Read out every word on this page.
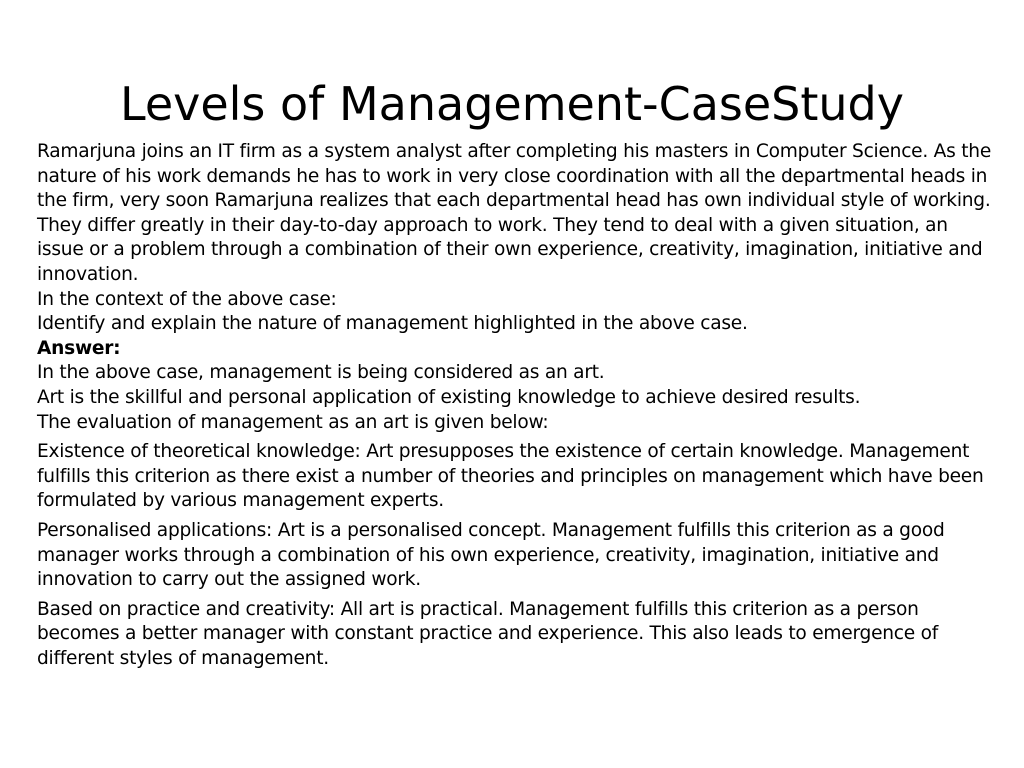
Levels of Management-CaseStudy

Ramarjuna joins an IT firm as a system analyst after completing his masters in Computer Science. As the nature of his work demands he has to work in very close coordination with all the departmental heads in the firm, very soon Ramarjuna realizes that each departmental head has own individual style of working. They differ greatly in their day-to-day approach to work. They tend to deal with a given situation, an issue or a problem through a combination of their own experience, creativity, imagination, initiative and innovation.

In the context of the above case:

Identify and explain the nature of management highlighted in the above case.

Answer:

In the above case, management is being considered as an art.

Art is the skillful and personal application of existing knowledge to achieve desired results.

The evaluation of management as an art is given below:

Existence of theoretical knowledge: Art presupposes the existence of certain knowledge. Management fulfills this criterion as there exist a number of theories and principles on management which have been formulated by various management experts.

Personalised applications: Art is a personalised concept. Management fulfills this criterion as a good manager works through a combination of his own experience, creativity, imagination, initiative and innovation to carry out the assigned work.

Based on practice and creativity: All art is practical. Management fulfills this criterion as a person becomes a better manager with constant practice and experience. This also leads to emergence of different styles of management.
